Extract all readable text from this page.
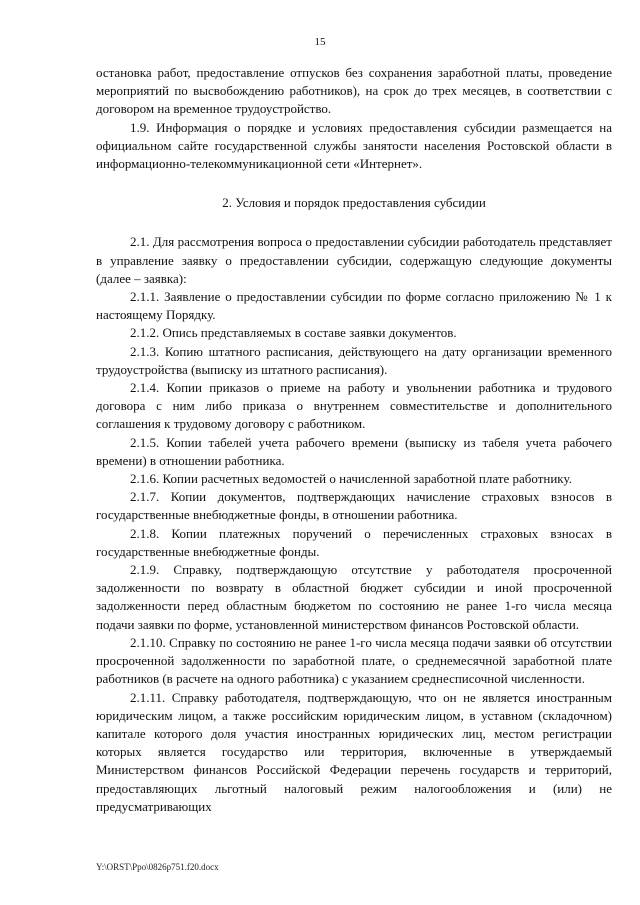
15

остановка работ, предоставление отпусков без сохранения заработной платы, проведение мероприятий по высвобождению работников), на срок до трех месяцев, в соответствии с договором на временное трудоустройство.

1.9. Информация о порядке и условиях предоставления субсидии размещается на официальном сайте государственной службы занятости населения Ростовской области в информационно-телекоммуникационной сети «Интернет».

2. Условия и порядок предоставления субсидии

2.1. Для рассмотрения вопроса о предоставлении субсидии работодатель представляет в управление заявку о предоставлении субсидии, содержащую следующие документы (далее – заявка):

2.1.1. Заявление о предоставлении субсидии по форме согласно приложению № 1 к настоящему Порядку.

2.1.2. Опись представляемых в составе заявки документов.

2.1.3. Копию штатного расписания, действующего на дату организации временного трудоустройства (выписку из штатного расписания).

2.1.4. Копии приказов о приеме на работу и увольнении работника и трудового договора с ним либо приказа о внутреннем совместительстве и дополнительного соглашения к трудовому договору с работником.

2.1.5. Копии табелей учета рабочего времени (выписку из табеля учета рабочего времени) в отношении работника.

2.1.6. Копии расчетных ведомостей о начисленной заработной плате работнику.

2.1.7. Копии документов, подтверждающих начисление страховых взносов в государственные внебюджетные фонды, в отношении работника.

2.1.8. Копии платежных поручений о перечисленных страховых взносах в государственные внебюджетные фонды.

2.1.9. Справку, подтверждающую отсутствие у работодателя просроченной задолженности по возврату в областной бюджет субсидии и иной просроченной задолженности перед областным бюджетом по состоянию не ранее 1-го числа месяца подачи заявки по форме, установленной министерством финансов Ростовской области.

2.1.10. Справку по состоянию не ранее 1-го числа месяца подачи заявки об отсутствии просроченной задолженности по заработной плате, о среднемесячной заработной плате работников (в расчете на одного работника) с указанием среднесписочной численности.

2.1.11. Справку работодателя, подтверждающую, что он не является иностранным юридическим лицом, а также российским юридическим лицом, в уставном (складочном) капитале которого доля участия иностранных юридических лиц, местом регистрации которых является государство или территория, включенные в утверждаемый Министерством финансов Российской Федерации перечень государств и территорий, предоставляющих льготный налоговый режим налогообложения и (или) не предусматривающих

Y:\ORST\Ppo\0826p751.f20.docx
